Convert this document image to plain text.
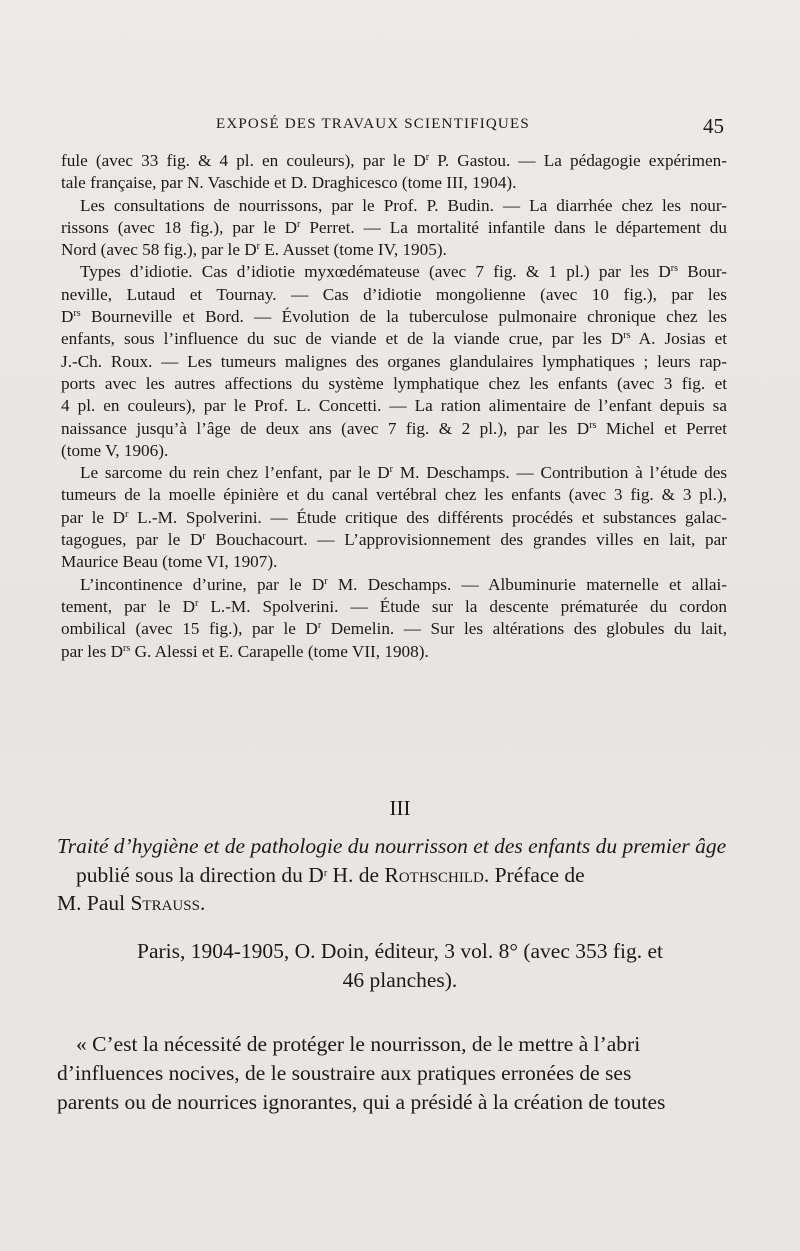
EXPOSÉ DES TRAVAUX SCIENTIFIQUES	45
fule (avec 33 fig. & 4 pl. en couleurs), par le $D^r$ P. Gastou. — La pédagogie expérimen-
tale française, par N. Vaschide et D. Draghicesco (tome III, 1904).
Les consultations de nourrissons, par le Prof. P. Budin. — La diarrhée chez les nour-
rissons (avec 18 fig.), par le $D^r$ Perret. — La mortalité infantile dans le département du
Nord (avec 58 fig.), par le $D^r$ E. Ausset (tome IV, 1905).
Types d’idiotie. Cas d’idiotie myxœdémateuse (avec 7 fig. & 1 pl.) par les $D^{rs}$ Bour-
neville, Lutaud et Tournay. — Cas d’idiotie mongolienne (avec 10 fig.), par les
$D^{rs}$ Bourneville et Bord. — Évolution de la tuberculose pulmonaire chronique chez les
enfants, sous l’influence du suc de viande et de la viande crue, par les $D^{rs}$ A. Josias et
J.-Ch. Roux. — Les tumeurs malignes des organes glandulaires lymphatiques ; leurs rap-
ports avec les autres affections du système lymphatique chez les enfants (avec 3 fig. et
4 pl. en couleurs), par le Prof. L. Concetti. — La ration alimentaire de l’enfant depuis sa
naissance jusqu’à l’âge de deux ans (avec 7 fig. & 2 pl.), par les $D^{rs}$ Michel et Perret
(tome V, 1906).
Le sarcome du rein chez l’enfant, par le $D^r$ M. Deschamps. — Contribution à l’étude des
tumeurs de la moelle épinière et du canal vertébral chez les enfants (avec 3 fig. & 3 pl.),
par le $D^r$ L.-M. Spolverini. — Étude critique des différents procédés et substances galac-
tagogues, par le $D^r$ Bouchacourt. — L’approvisionnement des grandes villes en lait, par
Maurice Beau (tome VI, 1907).
L’incontinence d’urine, par le $D^r$ M. Deschamps. — Albuminurie maternelle et allai-
tement, par le $D^r$ L.-M. Spolverini. — Étude sur la descente prématurée du cordon
ombilical (avec 15 fig.), par le $D^r$ Demelin. — Sur les altérations des globules du lait,
par les $D^{rs}$ G. Alessi et E. Carapelle (tome VII, 1908).
III
Traité d’hygiène et de pathologie du nourrisson et des enfants du premier âge
publié sous la direction du $D^r$ H. de Rothschild. Préface de
M. Paul Strauss.
Paris, 1904-1905, O. Doin, éditeur, 3 vol. 8° (avec 353 fig. et
46 planches).
« C’est la nécessité de protéger le nourrisson, de le mettre à l’abri
d’influences nocives, de le soustraire aux pratiques erronées de ses
parents ou de nourrices ignorantes, qui a présidé à la création de toutes
